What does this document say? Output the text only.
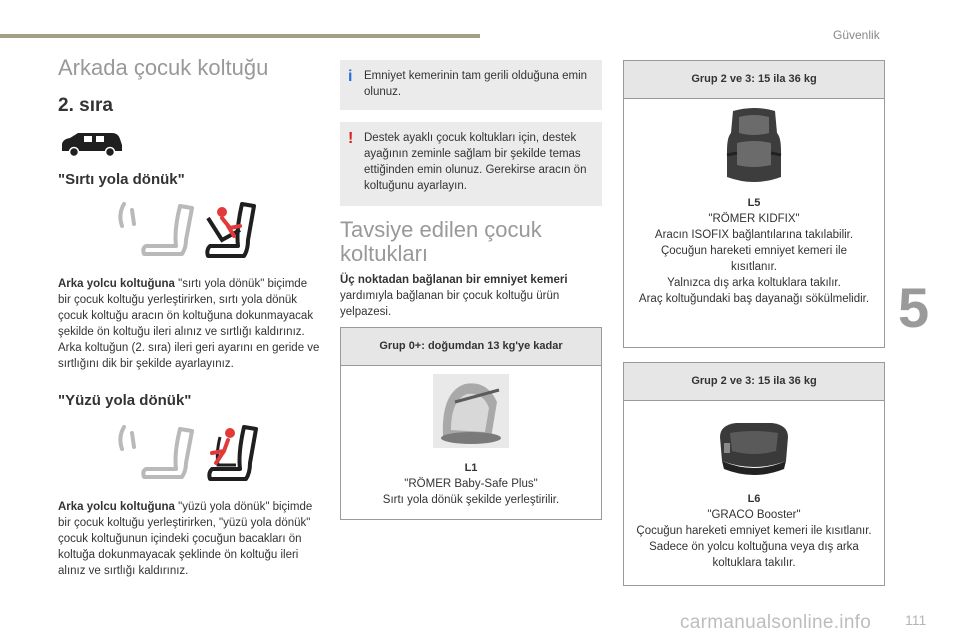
Güvenlik
5
111
carmanualsonline.info
Arkada çocuk koltuğu
2. sıra
"Sırtı yola dönük"

Arka yolcu koltuğuna "sırtı yola dönük" biçimde bir çocuk koltuğu yerleştirirken, sırtı yola dönük çocuk koltuğu aracın ön koltuğuna dokunmayacak şekilde ön koltuğu ileri alınız ve sırtlığı kaldırınız.
Arka koltuğun (2. sıra) ileri geri ayarını en geride ve sırtlığını dik bir şekilde ayarlayınız.

"Yüzü yola dönük"

Arka yolcu koltuğuna "yüzü yola dönük" biçimde bir çocuk koltuğu yerleştirirken, "yüzü yola dönük" çocuk koltuğunun içindeki çocuğun bacakları ön koltuğa dokunmayacak şeklinde ön koltuğu ileri alınız ve sırtlığı kaldırınız.

i Emniyet kemerinin tam gerili olduğuna emin olunuz.
! Destek ayaklı çocuk koltukları için, destek ayağının zeminle sağlam bir şekilde temas ettiğinden emin olunuz. Gerekirse aracın ön koltuğunu ayarlayın.
Tavsiye edilen çocuk koltukları

Üç noktadan bağlanan bir emniyet kemeri yardımıyla bağlanan bir çocuk koltuğu ürün yelpazesi.

Grup 0+: doğumdan 13 kg'ye kadar
L1
"RÖMER Baby-Safe Plus"
Sırtı yola dönük şekilde yerleştirilir.
Grup 2 ve 3: 15 ila 36 kg
L5
"RÖMER KIDFIX"
Aracın ISOFIX bağlantılarına takılabilir.
Çocuğun hareketi emniyet kemeri ile kısıtlanır.
Yalnızca dış arka koltuklara takılır.
Araç koltuğundaki baş dayanağı sökülmelidir.
Grup 2 ve 3: 15 ila 36 kg
L6
"GRACO Booster"
Çocuğun hareketi emniyet kemeri ile kısıtlanır.
Sadece ön yolcu koltuğuna veya dış arka koltuklara takılır.
